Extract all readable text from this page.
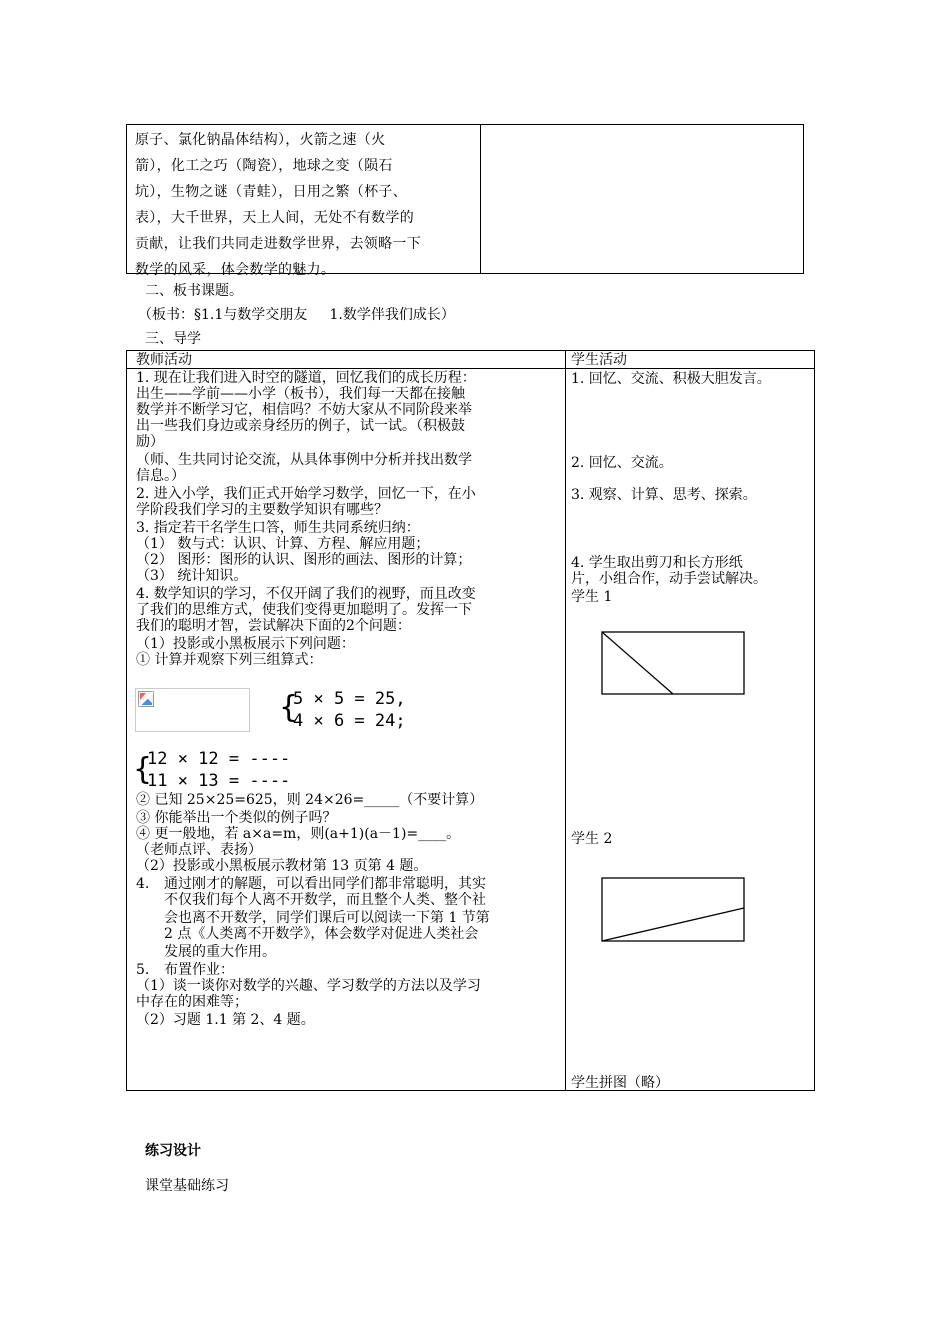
原子、氯化钠晶体结构），火箭之速（火
箭），化工之巧（陶瓷），地球之变（陨石
坑），生物之谜（青蛙），日用之繁（杯子、
表），大千世界，天上人间，无处不有数学的
贡献，让我们共同走进数学世界，去领略一下
数学的风采，体会数学的魅力。
二、板书课题。
（板书：§1.1与数学交朋友     1.数学伴我们成长）
三、导学
教师活动	学生活动
1. 现在让我们进入时空的隧道，回忆我们的成长历程：
出生——学前——小学（板书），我们每一天都在接触
数学并不断学习它，相信吗？不妨大家从不同阶段来举
出一些我们身边或亲身经历的例子，试一试。（积极鼓
励）
（师、生共同讨论交流，从具体事例中分析并找出数学
信息。）
2. 进入小学，我们正式开始学习数学，回忆一下，在小
学阶段我们学习的主要数学知识有哪些？
3. 指定若干名学生口答，师生共同系统归纳：
（1） 数与式：认识、计算、方程、解应用题；
（2） 图形：图形的认识、图形的画法、图形的计算；
（3） 统计知识。
4. 数学知识的学习，不仅开阔了我们的视野，而且改变
了我们的思维方式，使我们变得更加聪明了。发挥一下
我们的聪明才智，尝试解决下面的2个问题：
（1）投影或小黑板展示下列问题：
① 计算并观察下列三组算式：
{
5 × 5 = 25,
4 × 6 = 24;
{
12 × 12 = ----
11 × 13 = ----
② 已知 25×25=625，则 24×26=_____（不要计算）
③ 你能举出一个类似的例子吗？
④ 更一般地，若 a×a=m，则(a+1)(a－1)=____。
（老师点评、表扬）
（2）投影或小黑板展示教材第 13 页第 4 题。
4. 通过刚才的解题，可以看出同学们都非常聪明，其实
不仅我们每个人离不开数学，而且整个人类、整个社
会也离不开数学，同学们课后可以阅读一下第 1 节第
2 点《人类离不开数学》，体会数学对促进人类社会
发展的重大作用。
5. 布置作业：
（1）谈一谈你对数学的兴趣、学习数学的方法以及学习
中存在的困难等；
（2）习题 1.1 第 2、4 题。
1. 回忆、交流、积极大胆发言。
2. 回忆、交流。
3. 观察、计算、思考、探索。
4. 学生取出剪刀和长方形纸
片，小组合作，动手尝试解决。
学生 1
学生 2
学生拼图（略）
练习设计
课堂基础练习
